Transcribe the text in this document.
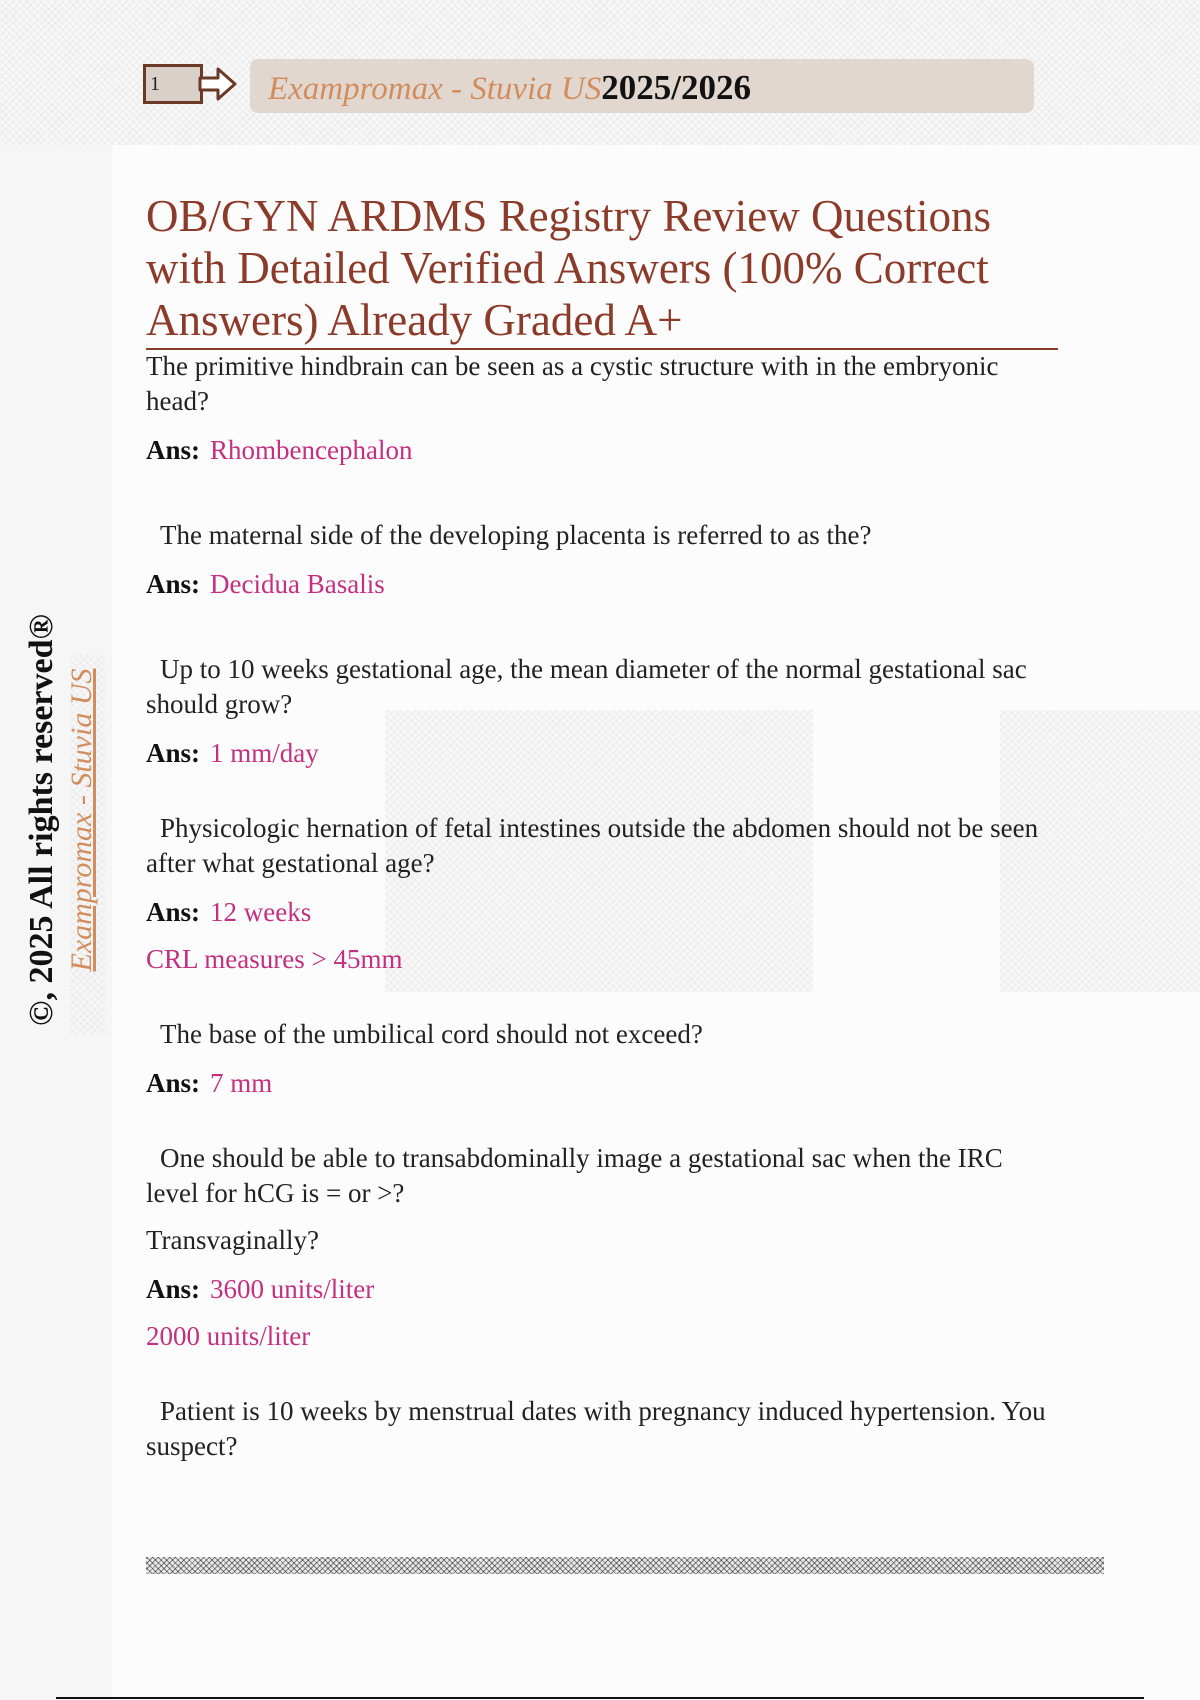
1	Exampromax - Stuvia US2025/2026
©, 2025 All rights reserved® Exampromax - Stuvia US
OB/GYN ARDMS Registry Review Questions with Detailed Verified Answers (100% Correct Answers) Already Graded A+

The primitive hindbrain can be seen as a cystic structure with in the embryonic head?

Ans: Rhombencephalon

The maternal side of the developing placenta is referred to as the?

Ans: Decidua Basalis

Up to 10 weeks gestational age, the mean diameter of the normal gestational sac should grow?

Ans: 1 mm/day

Physicologic hernation of fetal intestines outside the abdomen should not be seen after what gestational age?

Ans: 12 weeks

CRL measures > 45mm

The base of the umbilical cord should not exceed?

Ans: 7 mm

One should be able to transabdominally image a gestational sac when the IRC level for hCG is = or >?

Transvaginally?

Ans: 3600 units/liter

2000 units/liter

Patient is 10 weeks by menstrual dates with pregnancy induced hypertension. You suspect?
